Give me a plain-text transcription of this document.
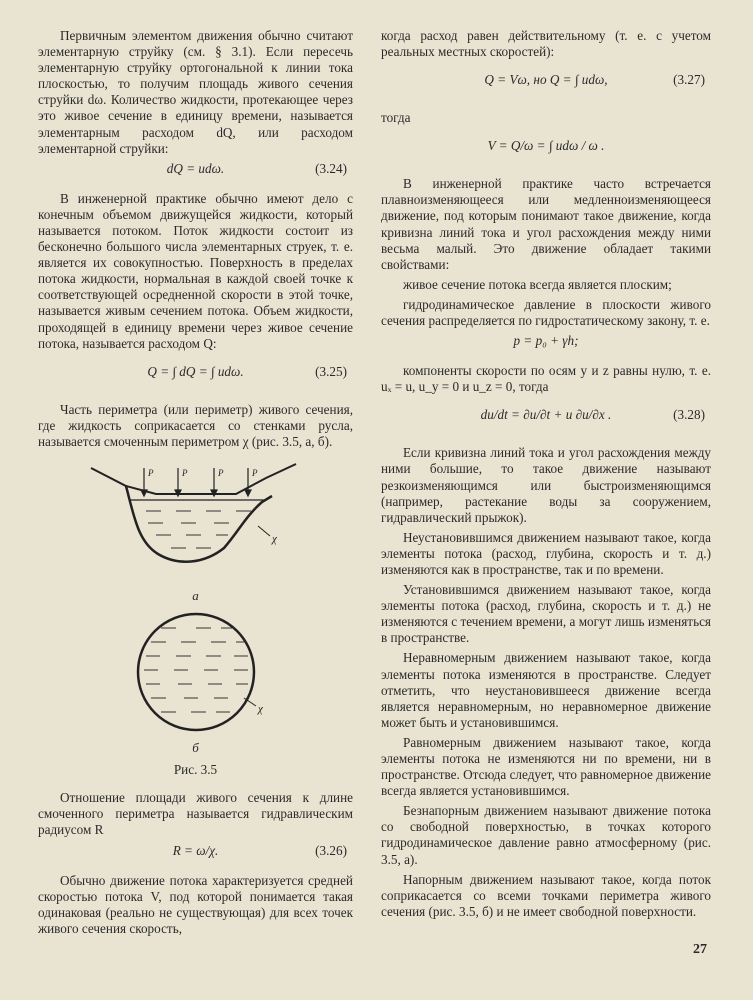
Первичным элементом движения обычно считают элементарную струйку (см. § 3.1). Если пересечь элементарную струйку ортогональной к линии тока плоскостью, то получим площадь живого сечения струйки dω. Количество жидкости, протекающее через это живое сечение в единицу времени, называется элементарным расходом dQ, или расходом элементарной струйки:

dQ = udω.	(3.24)

В инженерной практике обычно имеют дело с конечным объемом движущейся жидкости, который называется потоком. Поток жидкости состоит из бесконечно большого числа элементарных струек, т. е. является их совокупностью. Поверхность в пределах потока жидкости, нормальная в каждой своей точке к соответствующей осредненной скорости в этой точке, называется живым сечением потока. Объем жидкости, проходящей в единицу времени через живое сечение потока, называется расходом Q:

Q = ∫ dQ = ∫ udω.	(3.25)

Часть периметра (или периметр) живого сечения, где жидкость соприкасается со стенками русла, называется смоченным периметром χ (рис. 3.5, а, б).

P	P	P	P
χ
а
χ
б
Рис. 3.5

Отношение площади живого сечения к длине смоченного периметра называется гидравлическим радиусом R

R = ω/χ.	(3.26)

Обычно движение потока характеризуется средней скоростью потока V, под которой понимается такая одинаковая (реально не существующая) для всех точек живого сечения скорость,

когда расход равен действительному (т. е. с учетом реальных местных скоростей):

Q = Vω, но Q = ∫ udω,	(3.27)

тогда

V = Q/ω = ∫ udω / ω .

В инженерной практике часто встречается плавноизменяющееся или медленноизменяющееся движение, под которым понимают такое движение, когда кривизна линий тока и угол расхождения между ними весьма малый. Это движение обладает такими свойствами:

живое сечение потока всегда является плоским;

гидродинамическое давление в плоскости живого сечения распределяется по гидростатическому закону, т. е.

p = p₀ + γh;

компоненты скорости по осям y и z равны нулю, т. е. uₓ = u, u_y = 0 и u_z = 0, тогда

du/dt = ∂u/∂t + u ∂u/∂x .	(3.28)

Если кривизна линий тока и угол расхождения между ними большие, то такое движение называют резкоизменяющимся или быстроизменяющимся (например, растекание воды за сооружением, гидравлический прыжок).

Неустановившимся движением называют такое, когда элементы потока (расход, глубина, скорость и т. д.) изменяются как в пространстве, так и по времени.

Установившимся движением называют такое, когда элементы потока (расход, глубина, скорость и т. д.) не изменяются с течением времени, а могут лишь изменяться в пространстве.

Неравномерным движением называют такое, когда элементы потока изменяются в пространстве. Следует отметить, что неустановившееся движение всегда является неравномерным, но неравномерное движение может быть и установившимся.

Равномерным движением называют такое, когда элементы потока не изменяются ни по времени, ни в пространстве. Отсюда следует, что равномерное движение всегда является установившимся.

Безнапорным движением называют движение потока со свободной поверхностью, в точках которого гидродинамическое давление равно атмосферному (рис. 3.5, а).

Напорным движением называют такое, когда поток соприкасается со всеми точками периметра живого сечения (рис. 3.5, б) и не имеет свободной поверхности.

27
